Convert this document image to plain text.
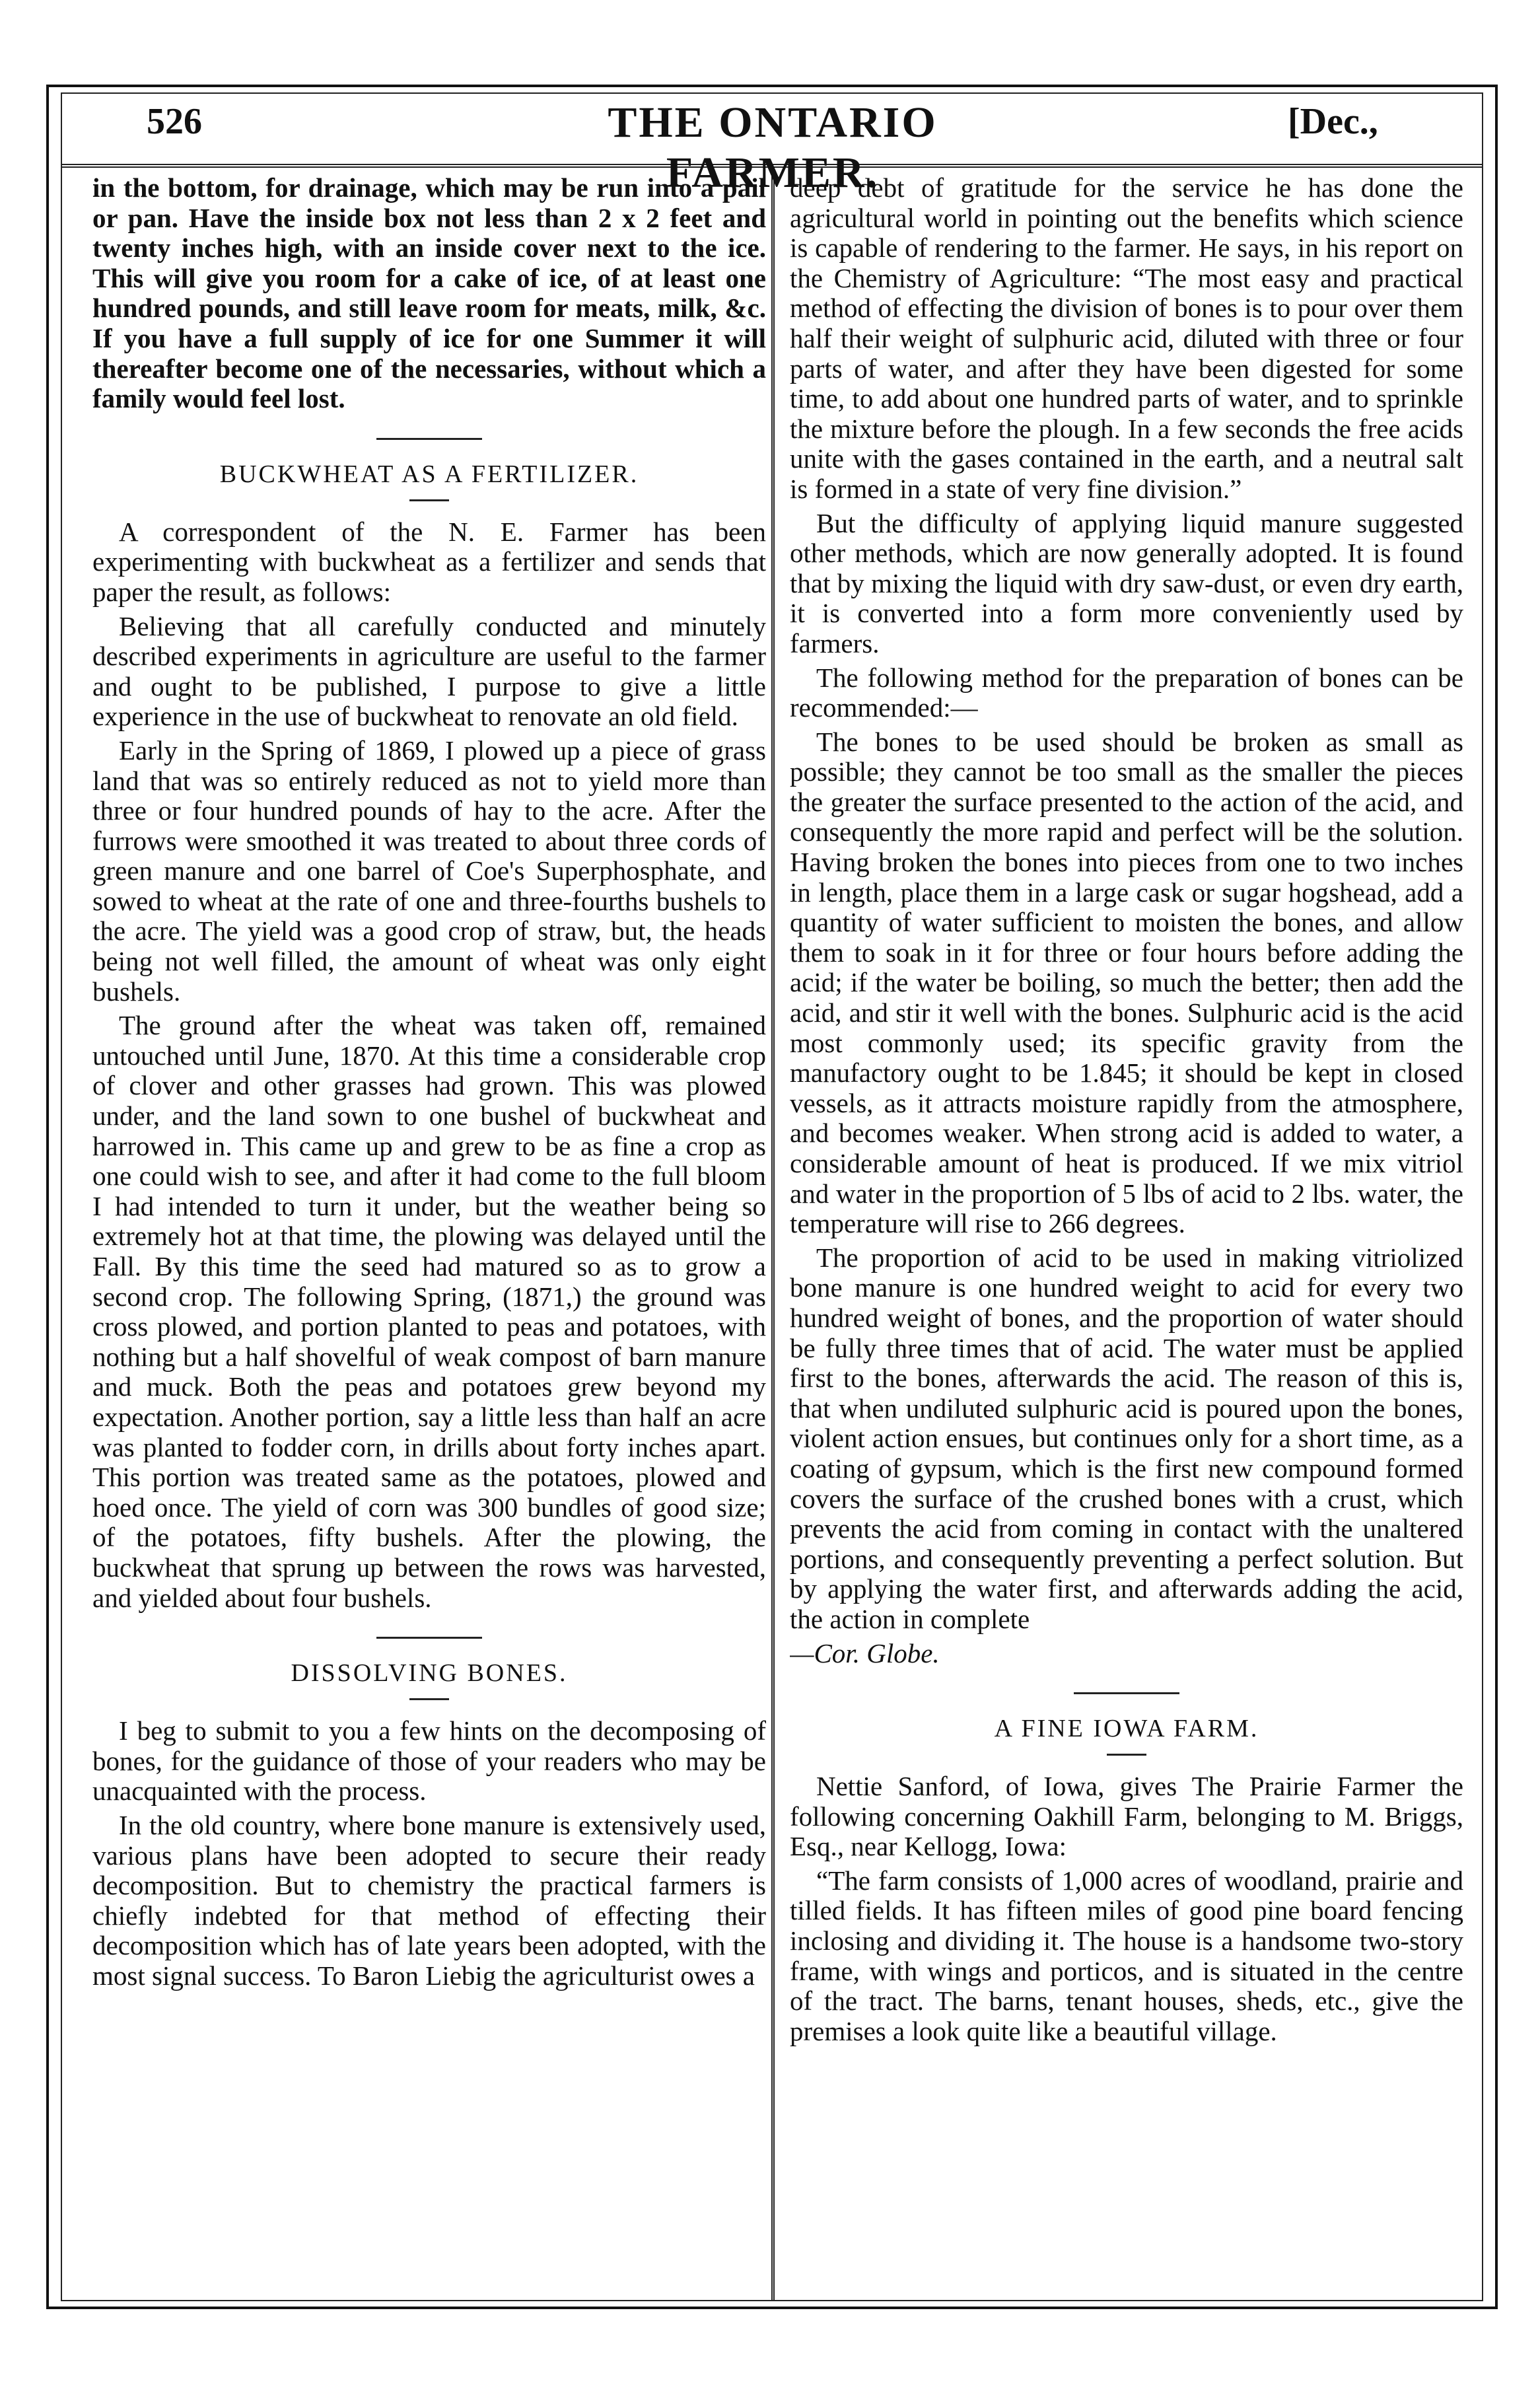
526	THE ONTARIO FARMER.
[Dec.,

in the bottom, for drainage, which may be run into a pail or pan. Have the inside box not less than 2 x 2 feet and twenty inches high, with an inside cover next to the ice. This will give you room for a cake of ice, of at least one hundred pounds, and still leave room for meats, milk, &c. If you have a full supply of ice for one Summer it will thereafter become one of the necessaries, without which a family would feel lost.

BUCKWHEAT AS A FERTILIZER.

A correspondent of the N. E. Farmer has been experimenting with buckwheat as a fertilizer and sends that paper the result, as follows:

Believing that all carefully conducted and minutely described experiments in agriculture are useful to the farmer and ought to be published, I purpose to give a little experience in the use of buckwheat to renovate an old field.

Early in the Spring of 1869, I plowed up a piece of grass land that was so entirely reduced as not to yield more than three or four hundred pounds of hay to the acre. After the furrows were smoothed it was treated to about three cords of green manure and one barrel of Coe's Superphosphate, and sowed to wheat at the rate of one and three-fourths bushels to the acre. The yield was a good crop of straw, but, the heads being not well filled, the amount of wheat was only eight bushels.

The ground after the wheat was taken off, remained untouched until June, 1870. At this time a considerable crop of clover and other grasses had grown. This was plowed under, and the land sown to one bushel of buckwheat and harrowed in. This came up and grew to be as fine a crop as one could wish to see, and after it had come to the full bloom I had intended to turn it under, but the weather being so extremely hot at that time, the plowing was delayed until the Fall. By this time the seed had matured so as to grow a second crop. The following Spring, (1871,) the ground was cross plowed, and portion planted to peas and potatoes, with nothing but a half shovelful of weak compost of barn manure and muck. Both the peas and potatoes grew beyond my expectation. Another portion, say a little less than half an acre was planted to fodder corn, in drills about forty inches apart. This portion was treated same as the potatoes, plowed and hoed once. The yield of corn was 300 bundles of good size; of the potatoes, fifty bushels. After the plowing, the buckwheat that sprung up between the rows was harvested, and yielded about four bushels.

DISSOLVING BONES.

I beg to submit to you a few hints on the decomposing of bones, for the guidance of those of your readers who may be unacquainted with the process.

In the old country, where bone manure is extensively used, various plans have been adopted to secure their ready decomposition. But to chemistry the practical farmers is chiefly indebted for that method of effecting their decomposition which has of late years been adopted, with the most signal success. To Baron Liebig the agriculturist owes a

deep debt of gratitude for the service he has done the agricultural world in pointing out the benefits which science is capable of rendering to the farmer. He says, in his report on the Chemistry of Agriculture: “The most easy and practical method of effecting the division of bones is to pour over them half their weight of sulphuric acid, diluted with three or four parts of water, and after they have been digested for some time, to add about one hundred parts of water, and to sprinkle the mixture before the plough. In a few seconds the free acids unite with the gases contained in the earth, and a neutral salt is formed in a state of very fine division.”

But the difficulty of applying liquid manure suggested other methods, which are now generally adopted. It is found that by mixing the liquid with dry saw-dust, or even dry earth, it is converted into a form more conveniently used by farmers.

The following method for the preparation of bones can be recommended:—

The bones to be used should be broken as small as possible; they cannot be too small as the smaller the pieces the greater the surface presented to the action of the acid, and consequently the more rapid and perfect will be the solution. Having broken the bones into pieces from one to two inches in length, place them in a large cask or sugar hogshead, add a quantity of water sufficient to moisten the bones, and allow them to soak in it for three or four hours before adding the acid; if the water be boiling, so much the better; then add the acid, and stir it well with the bones. Sulphuric acid is the acid most commonly used; its specific gravity from the manufactory ought to be 1.845; it should be kept in closed vessels, as it attracts moisture rapidly from the atmosphere, and becomes weaker. When strong acid is added to water, a considerable amount of heat is produced. If we mix vitriol and water in the proportion of 5 lbs of acid to 2 lbs. water, the temperature will rise to 266 degrees.

The proportion of acid to be used in making vitriolized bone manure is one hundred weight to acid for every two hundred weight of bones, and the proportion of water should be fully three times that of acid. The water must be applied first to the bones, afterwards the acid. The reason of this is, that when undiluted sulphuric acid is poured upon the bones, violent action ensues, but continues only for a short time, as a coating of gypsum, which is the first new compound formed covers the surface of the crushed bones with a crust, which prevents the acid from coming in contact with the unaltered portions, and consequently preventing a perfect solution. But by applying the water first, and afterwards adding the acid, the action in complete

—Cor. Globe.

A FINE IOWA FARM.

Nettie Sanford, of Iowa, gives The Prairie Farmer the following concerning Oakhill Farm, belonging to M. Briggs, Esq., near Kellogg, Iowa:

“The farm consists of 1,000 acres of woodland, prairie and tilled fields. It has fifteen miles of good pine board fencing inclosing and dividing it. The house is a handsome two-story frame, with wings and porticos, and is situated in the centre of the tract. The barns, tenant houses, sheds, etc., give the premises a look quite like a beautiful village.
